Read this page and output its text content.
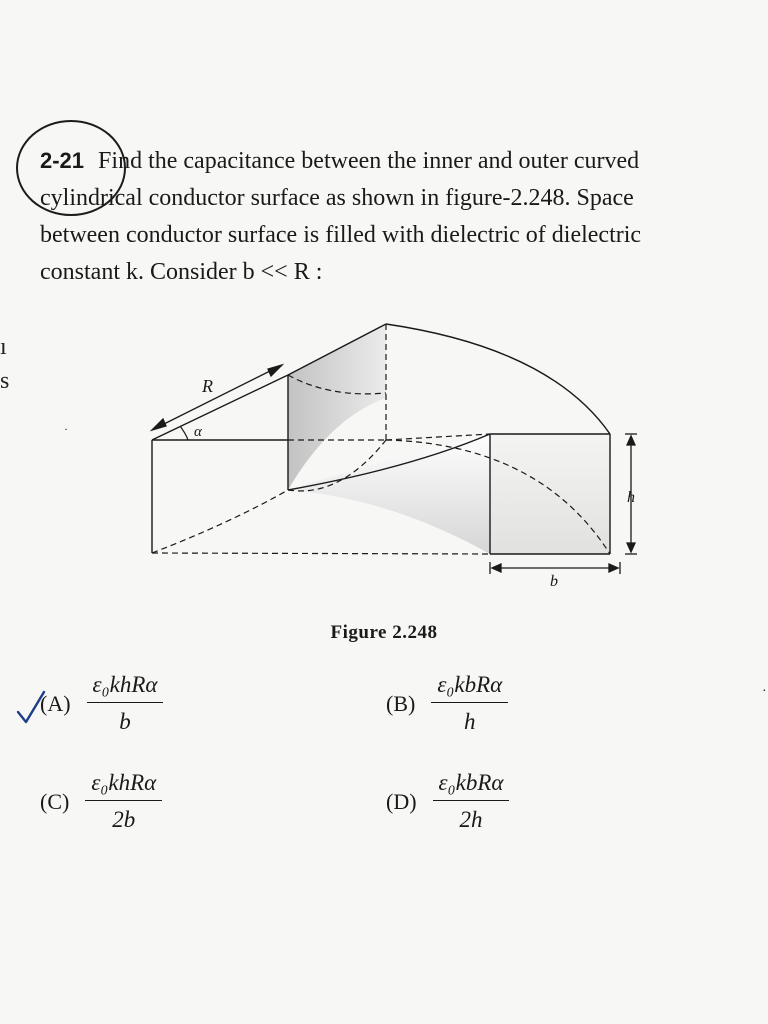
ı
s
2-21 Find the capacitance between the inner and outer curved
cylindrical conductor surface as shown in figure-2.248. Space
between conductor surface is filled with dielectric of dielectric
constant k. Consider b << R :
·
R
α
h
b
Figure 2.248
$(A) \frac{\text{ε₀khRα}}{b}$	$(B) \frac{\text{ε₀kbRα}}{h}$
$(C) \frac{\text{ε₀khRα}}{2b}$	$(D) \frac{\text{ε₀kbRα}}{2h}$
·
